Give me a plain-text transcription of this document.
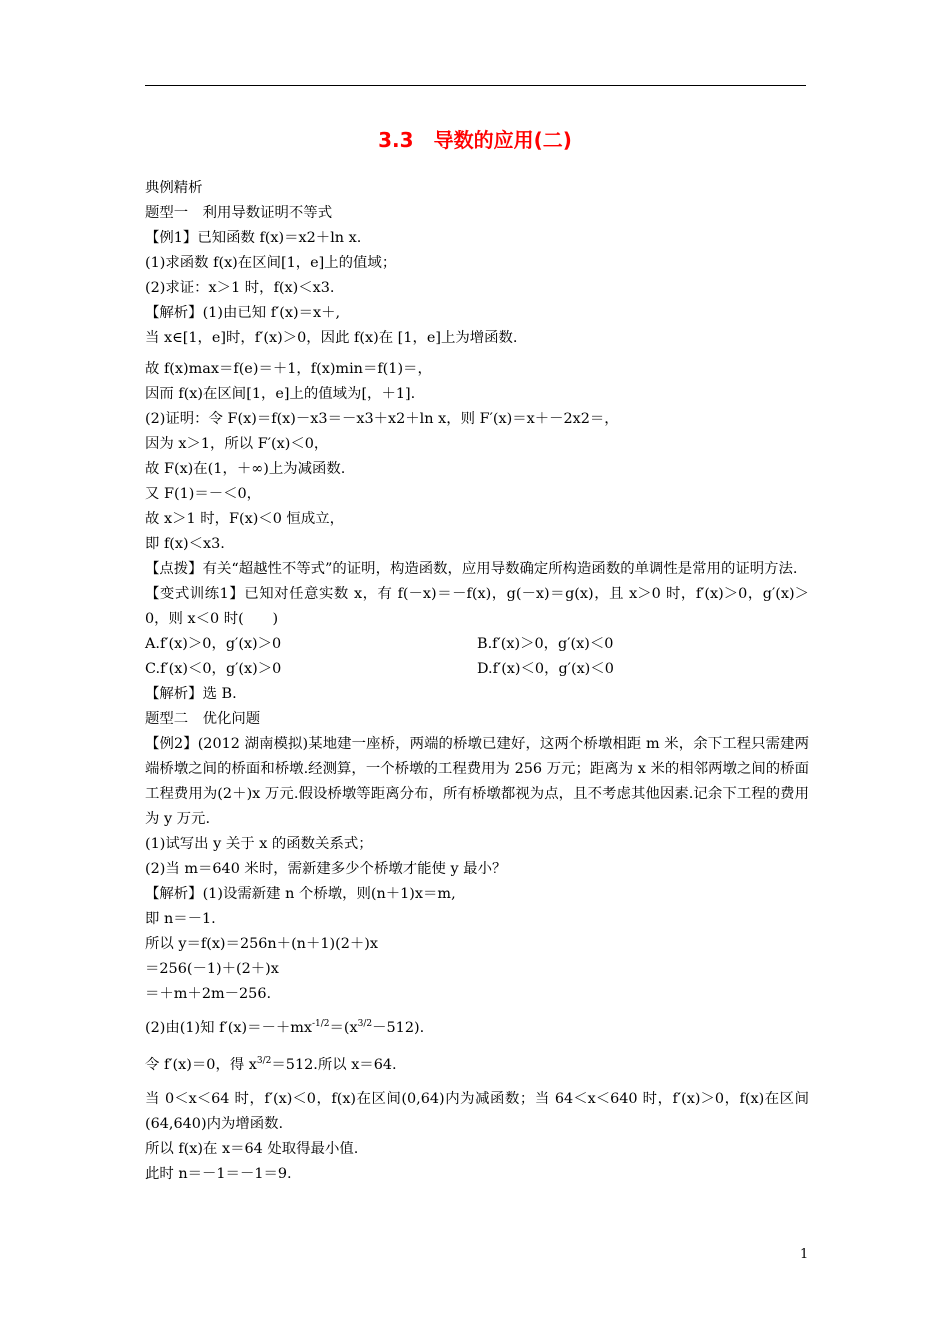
3.3　导数的应用(二)

典例精析

题型一　利用导数证明不等式

【例1】已知函数 f(x)＝x2＋ln x.

(1)求函数 f(x)在区间[1，e]上的值域；

(2)求证：x＞1 时，f(x)＜x3.

【解析】(1)由已知 f′(x)＝x＋,

当 x∈[1，e]时，f′(x)＞0，因此 f(x)在 [1，e]上为增函数.

故 f(x)max＝f(e)＝＋1，f(x)min＝f(1)＝，

因而 f(x)在区间[1，e]上的值域为[，＋1].

(2)证明：令 F(x)＝f(x)－x3＝－x3＋x2＋ln x，则 F′(x)＝x＋－2x2＝，

因为 x＞1，所以 F′(x)＜0，

故 F(x)在(1，＋∞)上为减函数.

又 F(1)＝－＜0，

故 x＞1 时，F(x)＜0 恒成立，

即 f(x)＜x3.

【点拨】有关“超越性不等式”的证明，构造函数，应用导数确定所构造函数的单调性是常用的证明方法.

【变式训练1】已知对任意实数 x，有 f(－x)＝－f(x)，g(－x)＝g(x)，且 x＞0 时，f′(x)＞0，g′(x)＞0，则 x＜0 时(　　)

A.f′(x)＞0，g′(x)＞0	B.f′(x)＞0，g′(x)＜0
C.f′(x)＜0，g′(x)＞0	D.f′(x)＜0，g′(x)＜0

【解析】选 B.

题型二　优化问题

【例2】(2012 湖南模拟)某地建一座桥，两端的桥墩已建好，这两个桥墩相距 m 米，余下工程只需建两端桥墩之间的桥面和桥墩.经测算，一个桥墩的工程费用为 256 万元；距离为 x 米的相邻两墩之间的桥面工程费用为(2＋)x 万元.假设桥墩等距离分布，所有桥墩都视为点，且不考虑其他因素.记余下工程的费用为 y 万元.

(1)试写出 y 关于 x 的函数关系式；

(2)当 m＝640 米时，需新建多少个桥墩才能使 y 最小？

【解析】(1)设需新建 n 个桥墩，则(n＋1)x＝m,

即 n＝－1.

所以 y＝f(x)＝256n＋(n＋1)(2＋)x

＝256(－1)＋(2＋)x

＝＋m＋2m－256.

(2)由(1)知 $f'(x)=-+mx^{-1/2}=(x^{3/2}-512)$.

令 f′(x)＝0，得 $x^{3/2}=512$.所以 x＝64.

当 0＜x＜64 时，f′(x)＜0，f(x)在区间(0,64)内为减函数；当 64＜x＜640 时，f′(x)＞0，f(x)在区间(64,640)内为增函数.

所以 f(x)在 x＝64 处取得最小值.

此时 n＝－1＝－1＝9.

1
